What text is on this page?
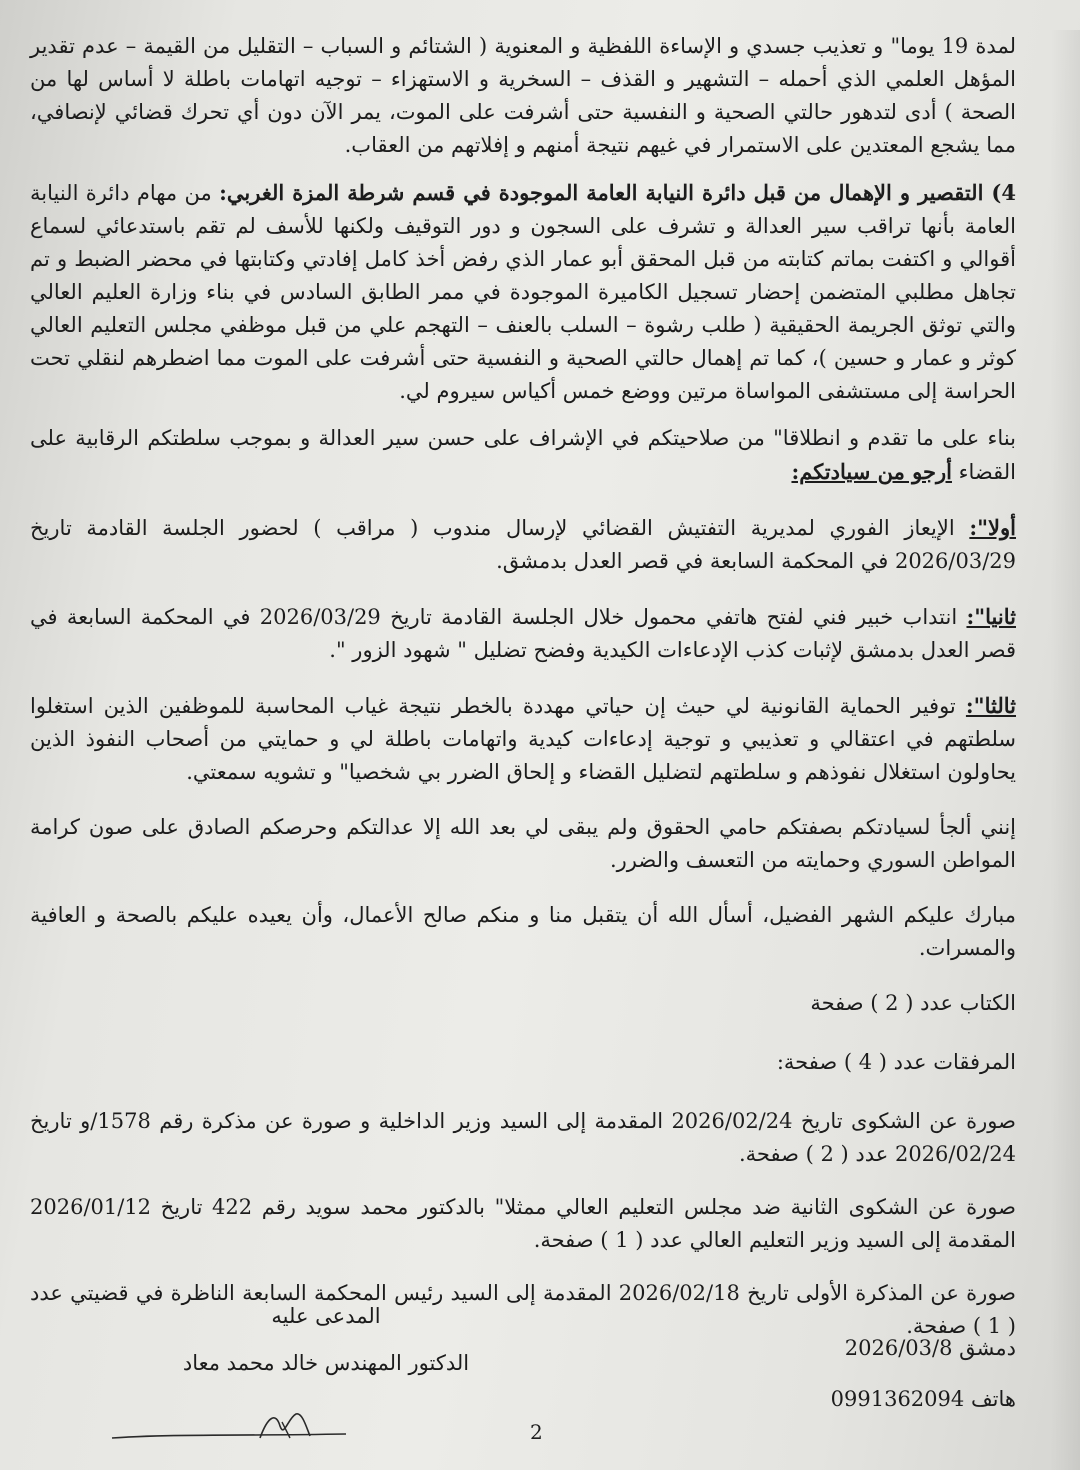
لمدة 19 يوما" و تعذيب جسدي و الإساءة اللفظية و المعنوية ( الشتائم و السباب – التقليل من القيمة – عدم تقدير المؤهل العلمي الذي أحمله – التشهير و القذف – السخرية و الاستهزاء – توجيه اتهامات باطلة لا أساس لها من الصحة ) أدى لتدهور حالتي الصحية و النفسية حتى أشرفت على الموت، يمر الآن دون أي تحرك قضائي لإنصافي، مما يشجع المعتدين على الاستمرار في غيهم نتيجة أمنهم و إفلاتهم من العقاب.

4) التقصير و الإهمال من قبل دائرة النيابة العامة الموجودة في قسم شرطة المزة الغربي: من مهام دائرة النيابة العامة بأنها تراقب سير العدالة و تشرف على السجون و دور التوقيف ولكنها للأسف لم تقم باستدعائي لسماع أقوالي و اكتفت بماتم كتابته من قبل المحقق أبو عمار الذي رفض أخذ كامل إفادتي وكتابتها في محضر الضبط و تم تجاهل مطلبي المتضمن إحضار تسجيل الكاميرة الموجودة في ممر الطابق السادس في بناء وزارة العليم العالي والتي توثق الجريمة الحقيقية ( طلب رشوة – السلب بالعنف – التهجم علي من قبل موظفي مجلس التعليم العالي كوثر و عمار و حسين )، كما تم إهمال حالتي الصحية و النفسية حتى أشرفت على الموت مما اضطرهم لنقلي تحت الحراسة إلى مستشفى المواساة مرتين ووضع خمس أكياس سيروم لي.

بناء على ما تقدم و انطلاقا" من صلاحيتكم في الإشراف على حسن سير العدالة و بموجب سلطتكم الرقابية على القضاء أرجو من سيادتكم:

أولا": الإيعاز الفوري لمديرية التفتيش القضائي لإرسال مندوب ( مراقب ) لحضور الجلسة القادمة تاريخ 2026/03/29 في المحكمة السابعة في قصر العدل بدمشق.

ثانيا": انتداب خبير فني لفتح هاتفي محمول خلال الجلسة القادمة تاريخ 2026/03/29 في المحكمة السابعة في قصر العدل بدمشق لإثبات كذب الإدعاءات الكيدية وفضح تضليل " شهود الزور ".

ثالثا": توفير الحماية القانونية لي حيث إن حياتي مهددة بالخطر نتيجة غياب المحاسبة للموظفين الذين استغلوا سلطتهم في اعتقالي و تعذيبي و توجية إدعاءات كيدية واتهامات باطلة لي و حمايتي من أصحاب النفوذ الذين يحاولون استغلال نفوذهم و سلطتهم لتضليل القضاء و إلحاق الضرر بي شخصيا" و تشويه سمعتي.

إنني ألجأ لسيادتكم بصفتكم حامي الحقوق ولم يبقى لي بعد الله إلا عدالتكم وحرصكم الصادق على صون كرامة المواطن السوري وحمايته من التعسف والضرر.

مبارك عليكم الشهر الفضيل، أسأل الله أن يتقبل منا و منكم صالح الأعمال، وأن يعيده عليكم بالصحة و العافية والمسرات.

الكتاب عدد ( 2 ) صفحة

المرفقات عدد ( 4 ) صفحة:

صورة عن الشكوى تاريخ 2026/02/24 المقدمة إلى السيد وزير الداخلية و صورة عن مذكرة رقم 1578/و تاريخ 2026/02/24 عدد ( 2 ) صفحة.

صورة عن الشكوى الثانية ضد مجلس التعليم العالي ممثلا" بالدكتور محمد سويد رقم 422 تاريخ 2026/01/12 المقدمة إلى السيد وزير التعليم العالي عدد ( 1 ) صفحة.

صورة عن المذكرة الأولى تاريخ 2026/02/18 المقدمة إلى السيد رئيس المحكمة السابعة الناظرة في قضيتي عدد ( 1 ) صفحة.

دمشق 2026/03/8
هاتف 0991362094
المدعى عليه
الدكتور المهندس خالد محمد معاد
2
